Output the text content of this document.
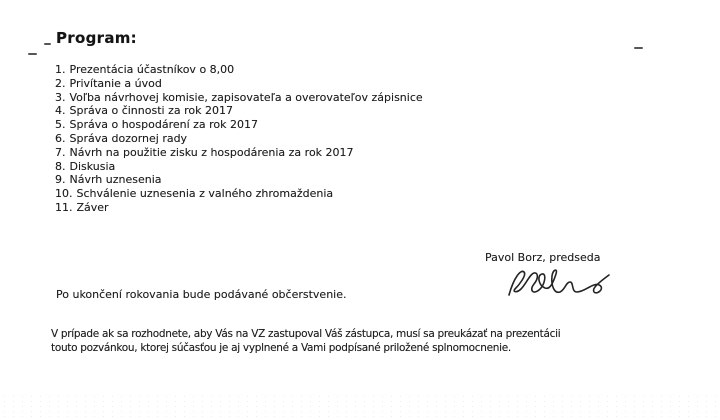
Program:
1. Prezentácia účastníkov o 8,00
2. Privítanie a úvod
3. Voľba návrhovej komisie, zapisovateľa a overovateľov zápisnice
4. Správa o činnosti za rok 2017
5. Správa o hospodárení za rok 2017
6. Správa dozornej rady
7. Návrh na použitie zisku z hospodárenia za rok 2017
8. Diskusia
9. Návrh uznesenia
10. Schválenie uznesenia z valného zhromaždenia
11. Záver
Pavol Borz, predseda
Po ukončení rokovania bude podávané občerstvenie.
V prípade ak sa rozhodnete, aby Vás na VZ zastupoval Váš zástupca, musí sa preukázať na prezentácii
touto pozvánkou, ktorej súčasťou je aj vyplnené a Vami podpísané priložené splnomocnenie.
